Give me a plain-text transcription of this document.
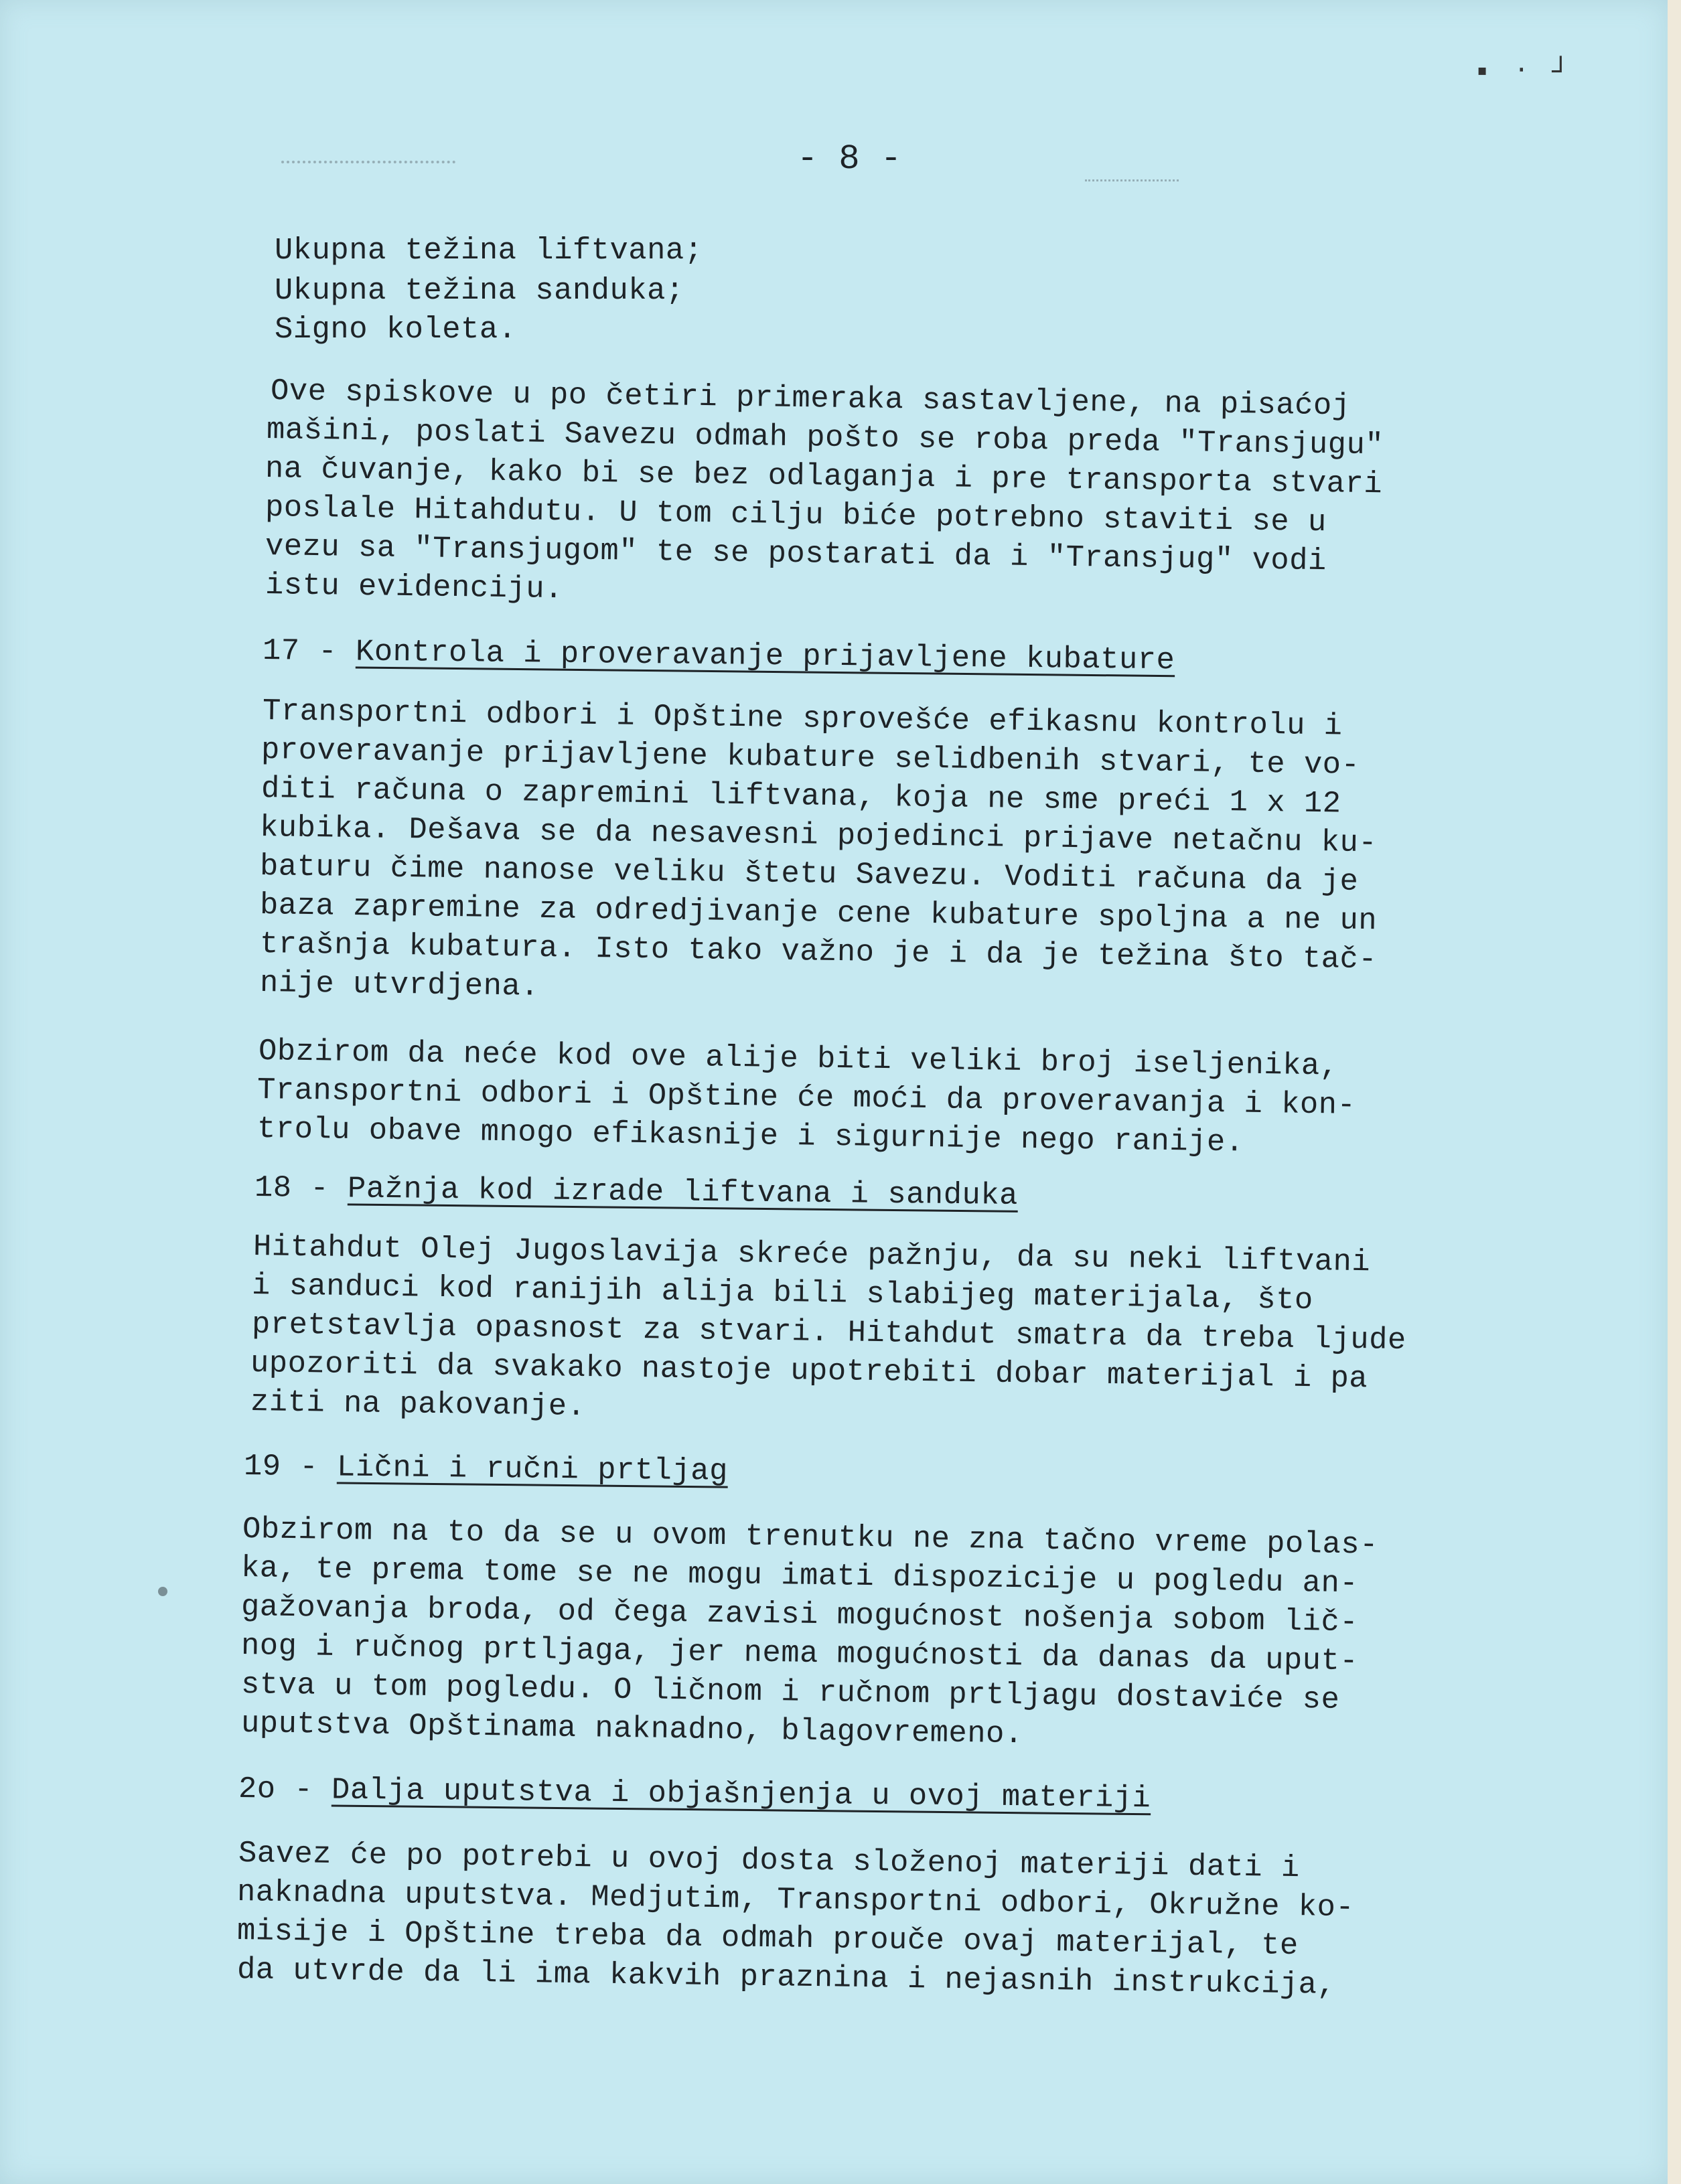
▪ ‧ ┘
- 8 -
Ukupna težina liftvana;
Ukupna težina sanduka;
Signo koleta.
Ove spiskove u po četiri primeraka sastavljene, na pisaćoj
mašini, poslati Savezu odmah pošto se roba preda "Transjugu"
na čuvanje, kako bi se bez odlaganja i pre transporta stvari
poslale Hitahdutu. U tom cilju biće potrebno staviti se u
vezu sa "Transjugom" te se postarati da i "Transjug" vodi
istu evidenciju.
17 - Kontrola i proveravanje prijavljene kubature
Transportni odbori i Opštine sprovešće efikasnu kontrolu i
proveravanje prijavljene kubature selidbenih stvari, te vo-
diti računa o zapremini liftvana, koja ne sme preći 1 x 12
kubika. Dešava se da nesavesni pojedinci prijave netačnu ku-
baturu čime nanose veliku štetu Savezu. Voditi računa da je
baza zapremine za odredjivanje cene kubature spoljna a ne un
trašnja kubatura. Isto tako važno je i da je težina što tač-
nije utvrdjena.
Obzirom da neće kod ove alije biti veliki broj iseljenika,
Transportni odbori i Opštine će moći da proveravanja i kon-
trolu obave mnogo efikasnije i sigurnije nego ranije.
18 - Pažnja kod izrade liftvana i sanduka
Hitahdut Olej Jugoslavija skreće pažnju, da su neki liftvani
i sanduci kod ranijih alija bili slabijeg materijala, što
pretstavlja opasnost za stvari. Hitahdut smatra da treba ljude
upozoriti da svakako nastoje upotrebiti dobar materijal i pa
ziti na pakovanje.
19 - Lični i ručni prtljag
Obzirom na to da se u ovom trenutku ne zna tačno vreme polas-
ka, te prema tome se ne mogu imati dispozicije u pogledu an-
gažovanja broda, od čega zavisi mogućnost nošenja sobom lič-
nog i ručnog prtljaga, jer nema mogućnosti da danas da uput-
stva u tom pogledu. O ličnom i ručnom prtljagu dostaviće se
uputstva Opštinama naknadno, blagovremeno.
2o - Dalja uputstva i objašnjenja u ovoj materiji
Savez će po potrebi u ovoj dosta složenoj materiji dati i
naknadna uputstva. Medjutim, Transportni odbori, Okružne ko-
misije i Opštine treba da odmah prouče ovaj materijal, te
da utvrde da li ima kakvih praznina i nejasnih instrukcija,
